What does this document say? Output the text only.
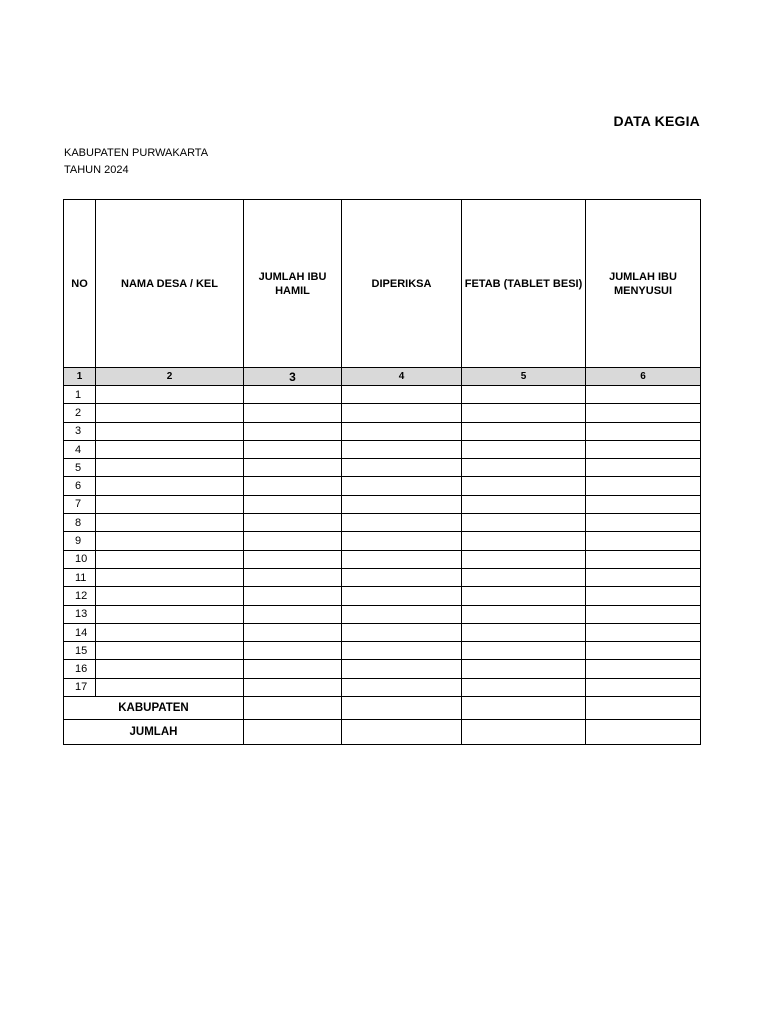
DATA KEGIA
KABUPATEN PURWAKARTA
TAHUN 2024
NO	NAMA DESA / KEL	JUMLAH IBU HAMIL	DIPERIKSA	FETAB (TABLET BESI)	JUMLAH IBU MENYUSUI
1	2	3	4	5	6
1					
2					
3					
4					
5					
6					
7					
8					
9					
10					
11					
12					
13					
14					
15					
16					
17					
KABUPATEN					
JUMLAH					
